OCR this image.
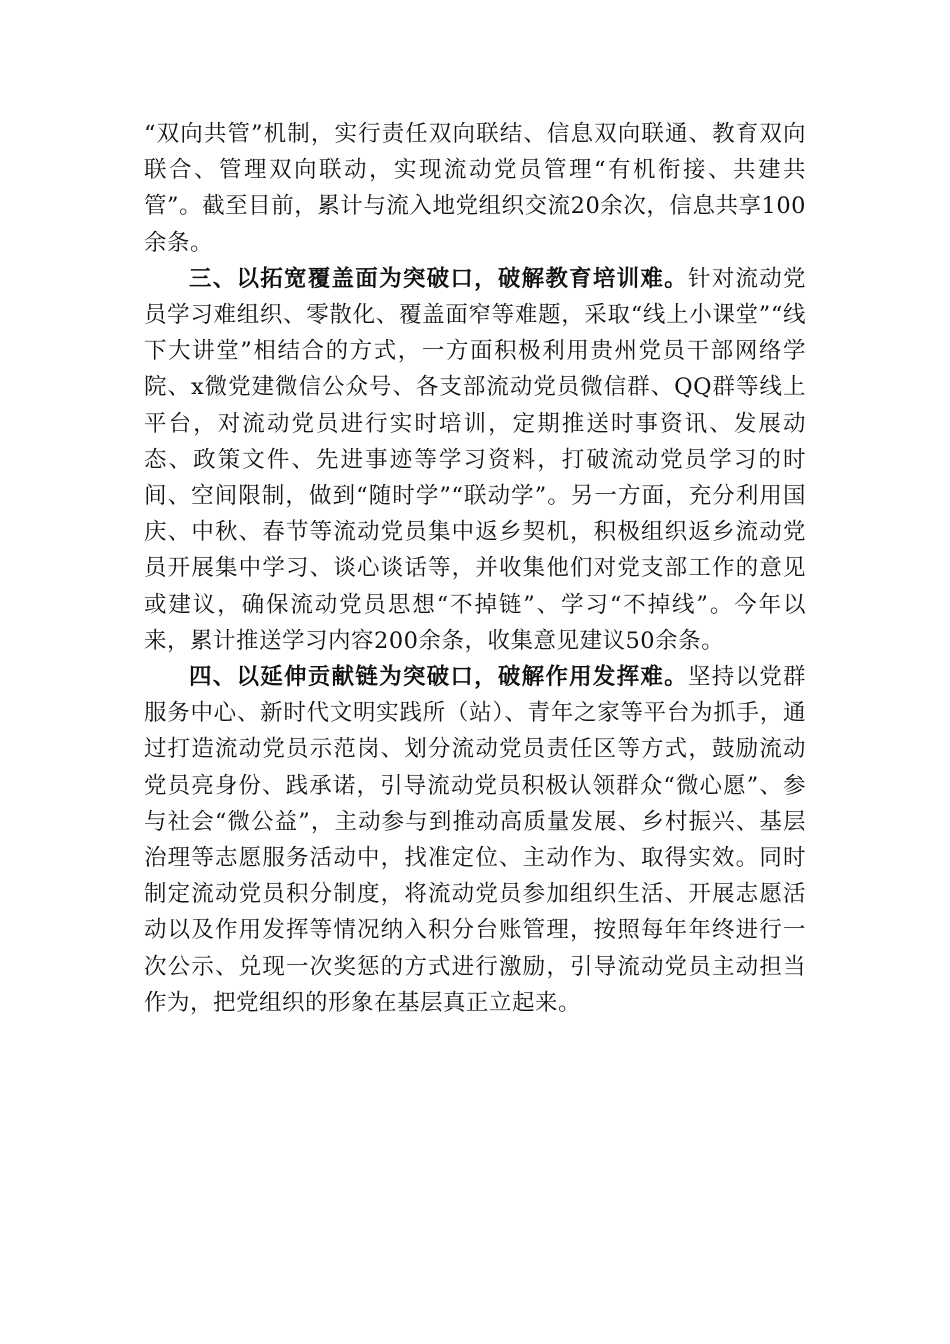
“双向共管”机制，实行责任双向联结、信息双向联通、教育双向联合、管理双向联动，实现流动党员管理“有机衔接、共建共管”。截至目前，累计与流入地党组织交流20余次，信息共享100余条。

三、以拓宽覆盖面为突破口，破解教育培训难。针对流动党员学习难组织、零散化、覆盖面窄等难题，采取“线上小课堂”“线下大讲堂”相结合的方式，一方面积极利用贵州党员干部网络学院、x微党建微信公众号、各支部流动党员微信群、QQ群等线上平台，对流动党员进行实时培训，定期推送时事资讯、发展动态、政策文件、先进事迹等学习资料，打破流动党员学习的时间、空间限制，做到“随时学”“联动学”。另一方面，充分利用国庆、中秋、春节等流动党员集中返乡契机，积极组织返乡流动党员开展集中学习、谈心谈话等，并收集他们对党支部工作的意见或建议，确保流动党员思想“不掉链”、学习“不掉线”。今年以来，累计推送学习内容200余条，收集意见建议50余条。

四、以延伸贡献链为突破口，破解作用发挥难。坚持以党群服务中心、新时代文明实践所（站）、青年之家等平台为抓手，通过打造流动党员示范岗、划分流动党员责任区等方式，鼓励流动党员亮身份、践承诺，引导流动党员积极认领群众“微心愿”、参与社会“微公益”，主动参与到推动高质量发展、乡村振兴、基层治理等志愿服务活动中，找准定位、主动作为、取得实效。同时制定流动党员积分制度，将流动党员参加组织生活、开展志愿活动以及作用发挥等情况纳入积分台账管理，按照每年年终进行一次公示、兑现一次奖惩的方式进行激励，引导流动党员主动担当作为，把党组织的形象在基层真正立起来。
